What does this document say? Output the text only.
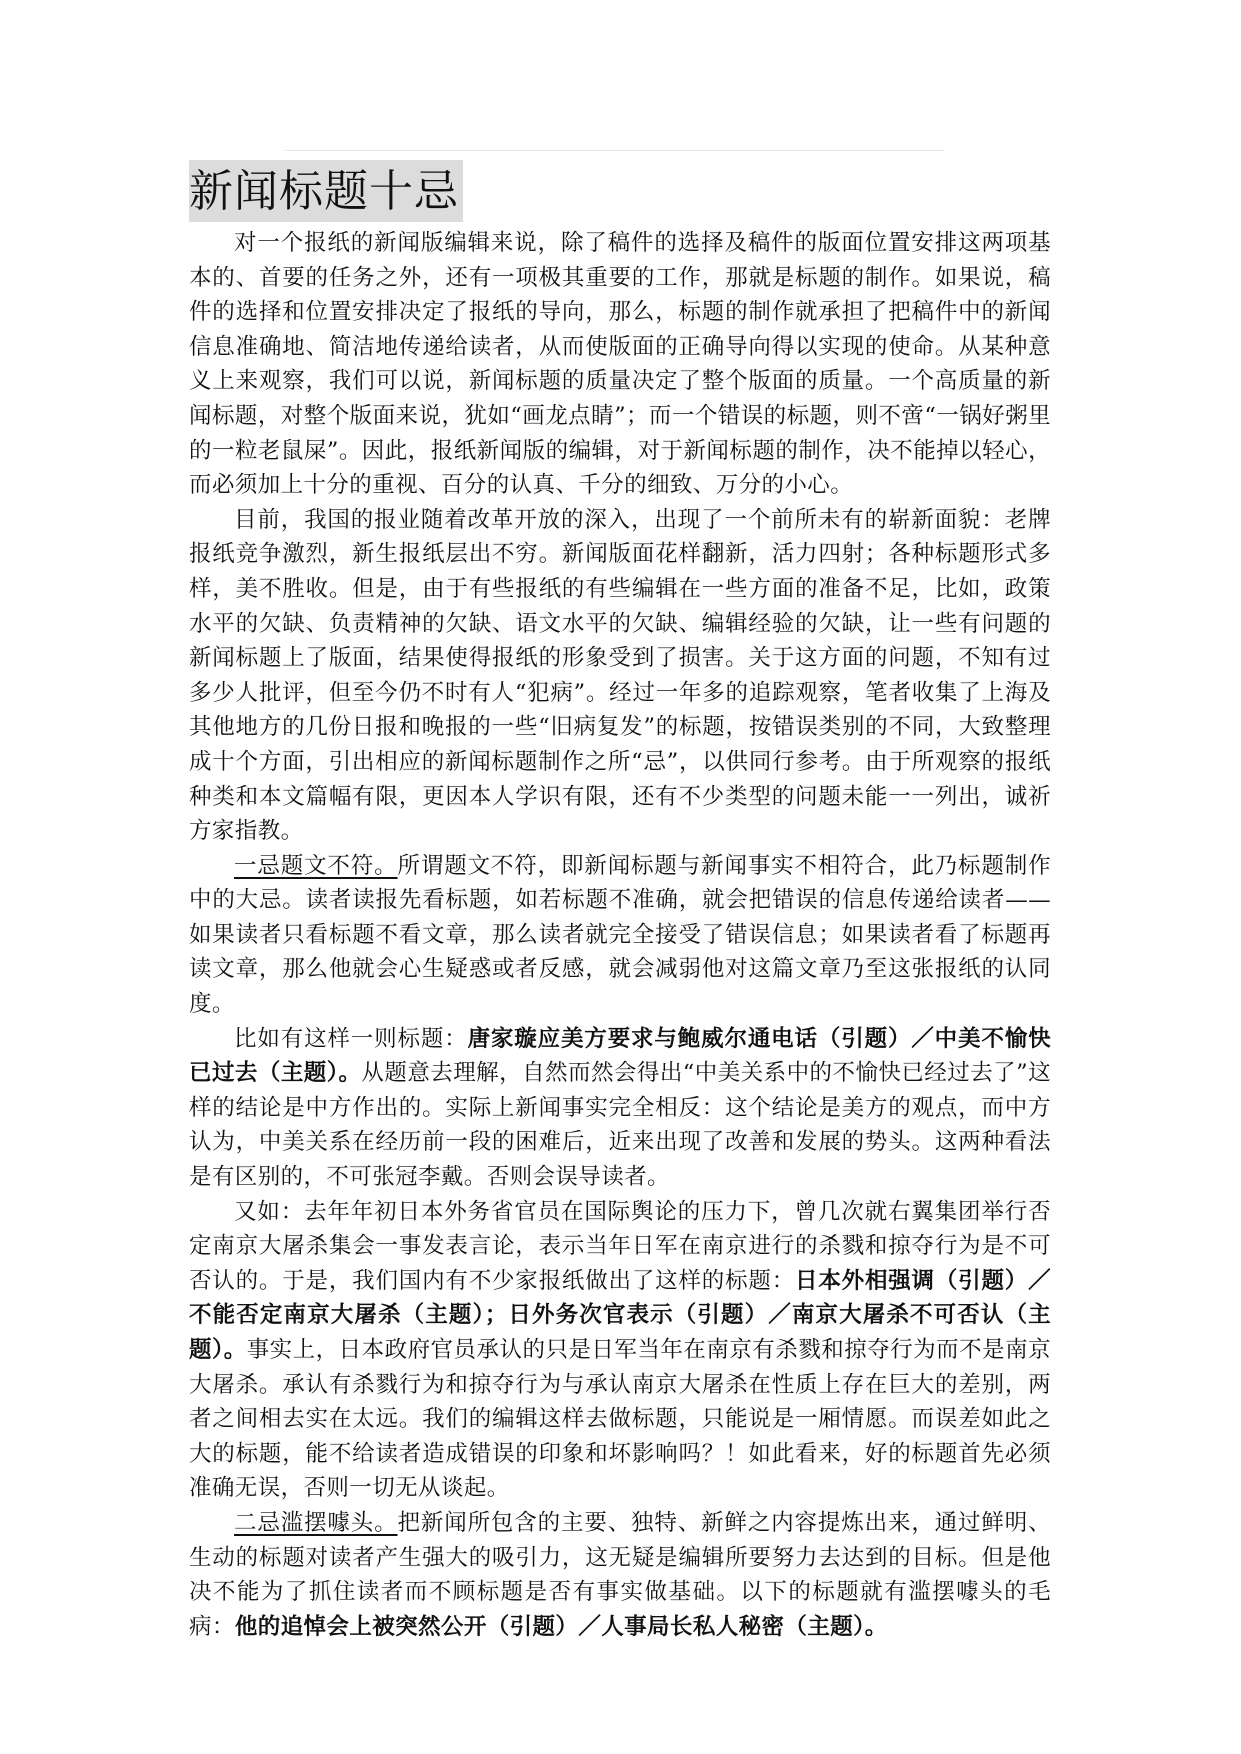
新闻标题十忌

对一个报纸的新闻版编辑来说，除了稿件的选择及稿件的版面位置安排这两项基本的、首要的任务之外，还有一项极其重要的工作，那就是标题的制作。如果说，稿件的选择和位置安排决定了报纸的导向，那么，标题的制作就承担了把稿件中的新闻信息准确地、简洁地传递给读者，从而使版面的正确导向得以实现的使命。从某种意义上来观察，我们可以说，新闻标题的质量决定了整个版面的质量。一个高质量的新闻标题，对整个版面来说，犹如“画龙点睛”；而一个错误的标题，则不啻“一锅好粥里的一粒老鼠屎”。因此，报纸新闻版的编辑，对于新闻标题的制作，决不能掉以轻心，而必须加上十分的重视、百分的认真、千分的细致、万分的小心。

目前，我国的报业随着改革开放的深入，出现了一个前所未有的崭新面貌：老牌报纸竞争激烈，新生报纸层出不穷。新闻版面花样翻新，活力四射；各种标题形式多样，美不胜收。但是，由于有些报纸的有些编辑在一些方面的准备不足，比如，政策水平的欠缺、负责精神的欠缺、语文水平的欠缺、编辑经验的欠缺，让一些有问题的新闻标题上了版面，结果使得报纸的形象受到了损害。关于这方面的问题，不知有过多少人批评，但至今仍不时有人“犯病”。经过一年多的追踪观察，笔者收集了上海及其他地方的几份日报和晚报的一些“旧病复发”的标题，按错误类别的不同，大致整理成十个方面，引出相应的新闻标题制作之所“忌”，以供同行参考。由于所观察的报纸种类和本文篇幅有限，更因本人学识有限，还有不少类型的问题未能一一列出，诚祈方家指教。

一忌题文不符。所谓题文不符，即新闻标题与新闻事实不相符合，此乃标题制作中的大忌。读者读报先看标题，如若标题不准确，就会把错误的信息传递给读者——如果读者只看标题不看文章，那么读者就完全接受了错误信息；如果读者看了标题再读文章，那么他就会心生疑惑或者反感，就会减弱他对这篇文章乃至这张报纸的认同度。

比如有这样一则标题：唐家璇应美方要求与鲍威尔通电话（引题）／中美不愉快已过去（主题）。从题意去理解，自然而然会得出“中美关系中的不愉快已经过去了”这样的结论是中方作出的。实际上新闻事实完全相反：这个结论是美方的观点，而中方认为，中美关系在经历前一段的困难后，近来出现了改善和发展的势头。这两种看法是有区别的，不可张冠李戴。否则会误导读者。

又如：去年年初日本外务省官员在国际舆论的压力下，曾几次就右翼集团举行否定南京大屠杀集会一事发表言论，表示当年日军在南京进行的杀戮和掠夺行为是不可否认的。于是，我们国内有不少家报纸做出了这样的标题：日本外相强调（引题）／不能否定南京大屠杀（主题）；日外务次官表示（引题）／南京大屠杀不可否认（主题）。事实上，日本政府官员承认的只是日军当年在南京有杀戮和掠夺行为而不是南京大屠杀。承认有杀戮行为和掠夺行为与承认南京大屠杀在性质上存在巨大的差别，两者之间相去实在太远。我们的编辑这样去做标题，只能说是一厢情愿。而误差如此之大的标题，能不给读者造成错误的印象和坏影响吗？！如此看来，好的标题首先必须准确无误，否则一切无从谈起。

二忌滥摆噱头。把新闻所包含的主要、独特、新鲜之内容提炼出来，通过鲜明、生动的标题对读者产生强大的吸引力，这无疑是编辑所要努力去达到的目标。但是他决不能为了抓住读者而不顾标题是否有事实做基础。以下的标题就有滥摆噱头的毛病：他的追悼会上被突然公开（引题）／人事局长私人秘密（主题）。
